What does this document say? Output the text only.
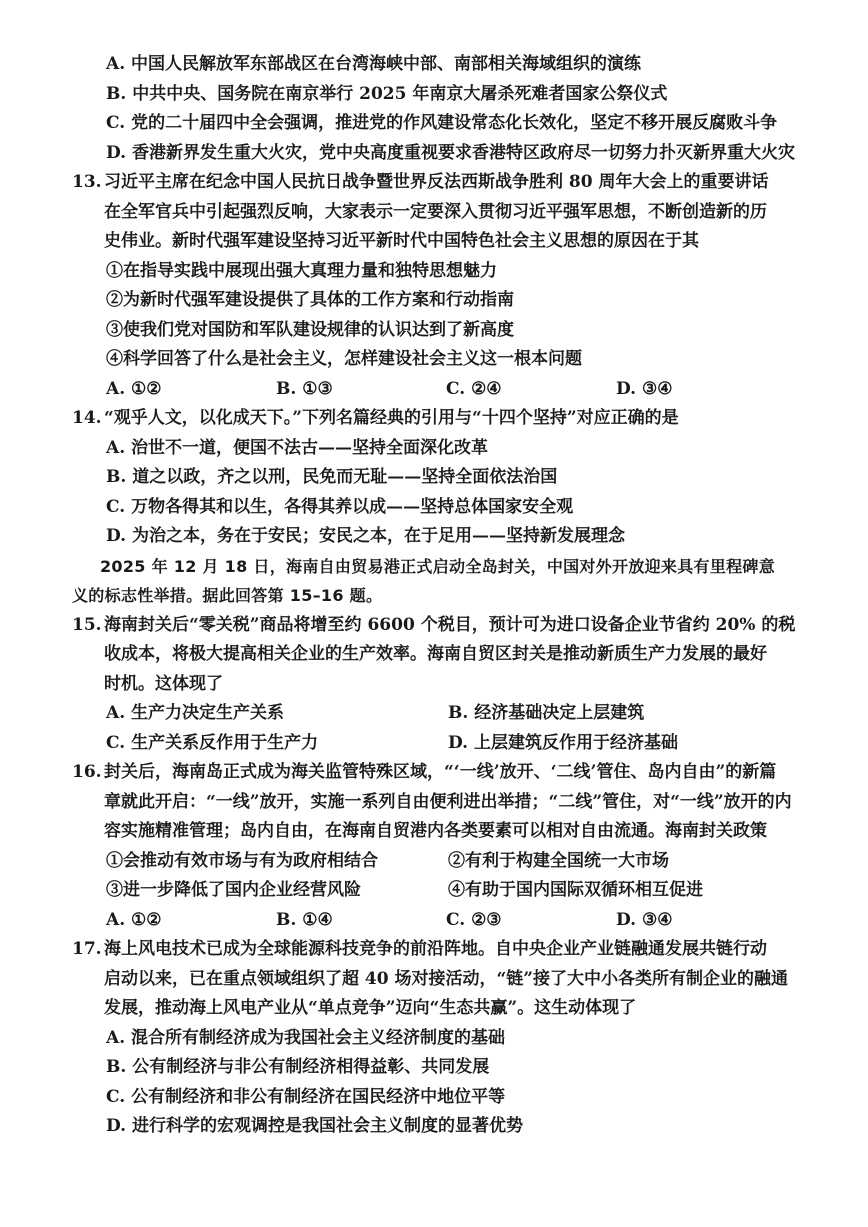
A. 中国人民解放军东部战区在台湾海峡中部、南部相关海域组织的演练
B. 中共中央、国务院在南京举行 2025 年南京大屠杀死难者国家公祭仪式
C. 党的二十届四中全会强调，推进党的作风建设常态化长效化，坚定不移开展反腐败斗争
D. 香港新界发生重大火灾，党中央高度重视要求香港特区政府尽一切努力扑灭新界重大火灾
13. 习近平主席在纪念中国人民抗日战争暨世界反法西斯战争胜利 80 周年大会上的重要讲话
在全军官兵中引起强烈反响，大家表示一定要深入贯彻习近平强军思想，不断创造新的历
史伟业。新时代强军建设坚持习近平新时代中国特色社会主义思想的原因在于其
①在指导实践中展现出强大真理力量和独特思想魅力
②为新时代强军建设提供了具体的工作方案和行动指南
③使我们党对国防和军队建设规律的认识达到了新高度
④科学回答了什么是社会主义，怎样建设社会主义这一根本问题
A. ①②	B. ①③	C. ②④	D. ③④
14. “观乎人文，以化成天下。”下列名篇经典的引用与“十四个坚持”对应正确的是
A. 治世不一道，便国不法古——坚持全面深化改革
B. 道之以政，齐之以刑，民免而无耻——坚持全面依法治国
C. 万物各得其和以生，各得其养以成——坚持总体国家安全观
D. 为治之本，务在于安民；安民之本，在于足用——坚持新发展理念
2025 年 12 月 18 日，海南自由贸易港正式启动全岛封关，中国对外开放迎来具有里程碑意
义的标志性举措。据此回答第 15–16 题。
15. 海南封关后“零关税”商品将增至约 6600 个税目，预计可为进口设备企业节省约 20% 的税
收成本，将极大提高相关企业的生产效率。海南自贸区封关是推动新质生产力发展的最好
时机。这体现了
A. 生产力决定生产关系	B. 经济基础决定上层建筑
C. 生产关系反作用于生产力	D. 上层建筑反作用于经济基础
16. 封关后，海南岛正式成为海关监管特殊区域，“‘一线’放开、‘二线’管住、岛内自由”的新篇
章就此开启：“一线”放开，实施一系列自由便利进出举措；“二线”管住，对“一线”放开的内
容实施精准管理；岛内自由，在海南自贸港内各类要素可以相对自由流通。海南封关政策
①会推动有效市场与有为政府相结合	②有利于构建全国统一大市场
③进一步降低了国内企业经营风险	④有助于国内国际双循环相互促进
A. ①②	B. ①④	C. ②③	D. ③④
17. 海上风电技术已成为全球能源科技竞争的前沿阵地。自中央企业产业链融通发展共链行动
启动以来，已在重点领域组织了超 40 场对接活动，“链”接了大中小各类所有制企业的融通
发展，推动海上风电产业从“单点竞争”迈向“生态共赢”。这生动体现了
A. 混合所有制经济成为我国社会主义经济制度的基础
B. 公有制经济与非公有制经济相得益彰、共同发展
C. 公有制经济和非公有制经济在国民经济中地位平等
D. 进行科学的宏观调控是我国社会主义制度的显著优势
